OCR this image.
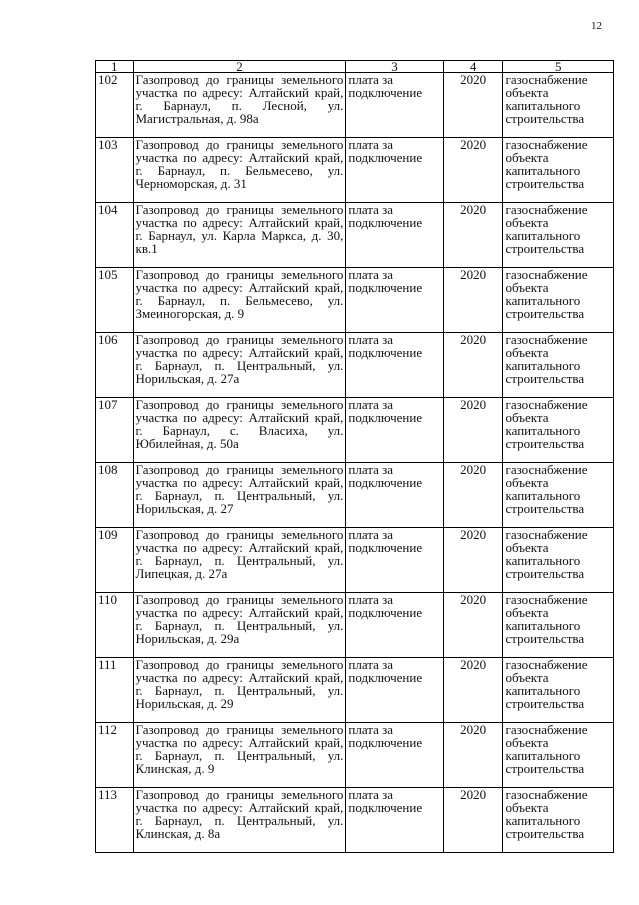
12
1	2	3	4	5
102	Газопровод до границы земельного участка по адресу: Алтайский край, г. Барнаул, п. Лесной, ул. Магистральная, д. 98а	плата за подключение	2020	газоснабжение объекта капитального строительства
103	Газопровод до границы земельного участка по адресу: Алтайский край, г. Барнаул, п. Бельмесево, ул. Черноморская, д. 31	плата за подключение	2020	газоснабжение объекта капитального строительства
104	Газопровод до границы земельного участка по адресу: Алтайский край, г. Барнаул, ул. Карла Маркса, д. 30, кв.1	плата за подключение	2020	газоснабжение объекта капитального строительства
105	Газопровод до границы земельного участка по адресу: Алтайский край, г. Барнаул, п. Бельмесево, ул. Змеиногорская, д. 9	плата за подключение	2020	газоснабжение объекта капитального строительства
106	Газопровод до границы земельного участка по адресу: Алтайский край, г. Барнаул, п. Центральный, ул. Норильская, д. 27а	плата за подключение	2020	газоснабжение объекта капитального строительства
107	Газопровод до границы земельного участка по адресу: Алтайский край, г. Барнаул, с. Власиха, ул. Юбилейная, д. 50а	плата за подключение	2020	газоснабжение объекта капитального строительства
108	Газопровод до границы земельного участка по адресу: Алтайский край, г. Барнаул, п. Центральный, ул. Норильская, д. 27	плата за подключение	2020	газоснабжение объекта капитального строительства
109	Газопровод до границы земельного участка по адресу: Алтайский край, г. Барнаул, п. Центральный, ул. Липецкая, д. 27а	плата за подключение	2020	газоснабжение объекта капитального строительства
110	Газопровод до границы земельного участка по адресу: Алтайский край, г. Барнаул, п. Центральный, ул. Норильская, д. 29а	плата за подключение	2020	газоснабжение объекта капитального строительства
111	Газопровод до границы земельного участка по адресу: Алтайский край, г. Барнаул, п. Центральный, ул. Норильская, д. 29	плата за подключение	2020	газоснабжение объекта капитального строительства
112	Газопровод до границы земельного участка по адресу: Алтайский край, г. Барнаул, п. Центральный, ул. Клинская, д. 9	плата за подключение	2020	газоснабжение объекта капитального строительства
113	Газопровод до границы земельного участка по адресу: Алтайский край, г. Барнаул, п. Центральный, ул. Клинская, д. 8а	плата за подключение	2020	газоснабжение объекта капитального строительства
